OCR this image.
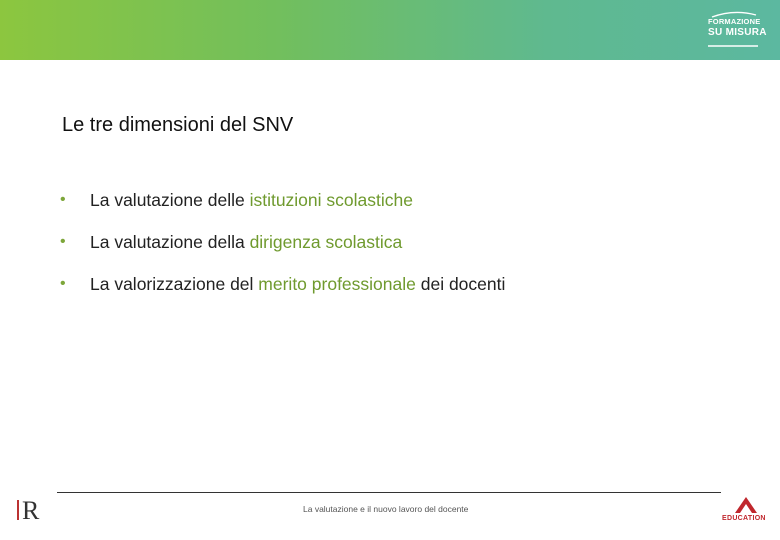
FORMAZIONE
SU MISURA
Le tre dimensioni del SNV
• La valutazione delle istituzioni scolastiche
• La valutazione della dirigenza scolastica
• La valorizzazione del merito professionale dei docenti
R	La valutazione e il nuovo lavoro del docente
EDUCATION
